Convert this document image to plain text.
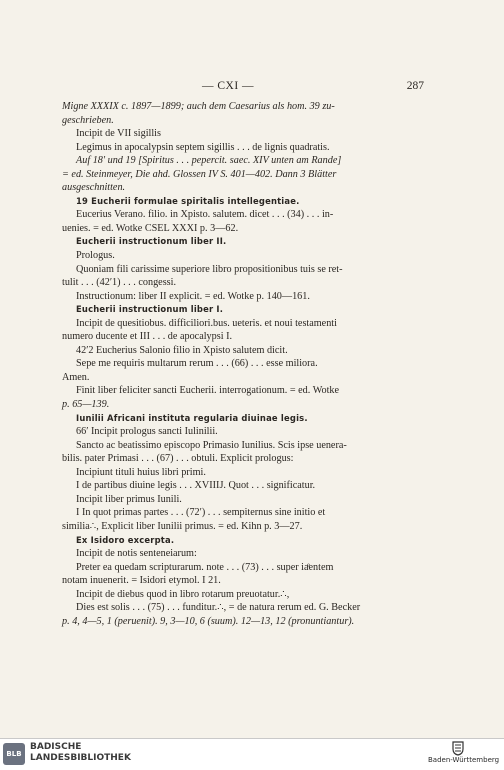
— CXI —	287

Migne XXXIX c. 1897—1899; auch dem Caesarius als hom. 39 zu-

geschrieben.

Incipit de VII sigillis

Legimus in apocalypsin septem sigillis . . . de lignis quadratis.

Auf 18ʹ und 19 [Spiritus . . . pepercit. saec. XIV unten am Rande]

= ed. Steinmeyer, Die ahd. Glossen IV S. 401—402. Dann 3 Blätter

ausgeschnitten.

19 Eucherii formulae spiritalis intellegentiae.

Eucerius Verano. filio. in Xpisto. salutem. dicet . . . (34) . . . in-

uenies. = ed. Wotke CSEL XXXI p. 3—62.

Eucherii instructionum liber II.

Prologus.

Quoniam fili carissime superiore libro propositionibus tuis se ret-

tulit . . . (42ʹ1) . . . congessi.

Instructionum: liber II explicit. = ed. Wotke p. 140—161.

Eucherii instructionum liber I.

Incipit de quesitiobus. difficiliori.bus. ueteris. et noui testamenti

numero ducente et III . . . de apocalypsi I.

42ʹ2 Eucherius Salonio filio in Xpisto salutem dicit.

Sepe me requiris multarum rerum . . . (66) . . . esse miliora.

Amen.

Finit liber feliciter sancti Eucherii. interrogationum. = ed. Wotke

p. 65—139.

Iunilii Africani instituta regularia diuinae legis.

66ʹ Incipit prologus sancti Iulinilii.

Sancto ac beatissimo episcopo Primasio Iunilius. Scis ipse uenera-

bilis. pater Primasi . . . (67) . . . obtuli. Explicit prologus:

Incipiunt tituli huius libri primi.

I de partibus diuine legis . . . XVIIIJ. Quot . . . significatur.

Incipit liber primus Iunili.

I In quot primas partes . . . (72ʹ) . . . sempiternus sine initio et

similia∴, Explicit liber Iunilii primus. = ed. Kihn p. 3—27.

Ex Isidoro excerpta.

Incipit de notis senteneiarum:

Preter ea quedam scripturarum. note . . . (73) . . . super iaͤentem

notam inuenerit. = Isidori etymol. I 21.

Incipit de diebus quod in libro rotarum preuotatur.∴,

Dies est solis . . . (75) . . . funditur.∴, = de natura rerum ed. G. Becker

p. 4, 4—5, 1 (peruenit). 9, 3—10, 6 (suum). 12—13, 12 (pronuntiantur).

BLB
BADISCHE
LANDESBIBLIOTHEK	Baden-Württemberg
